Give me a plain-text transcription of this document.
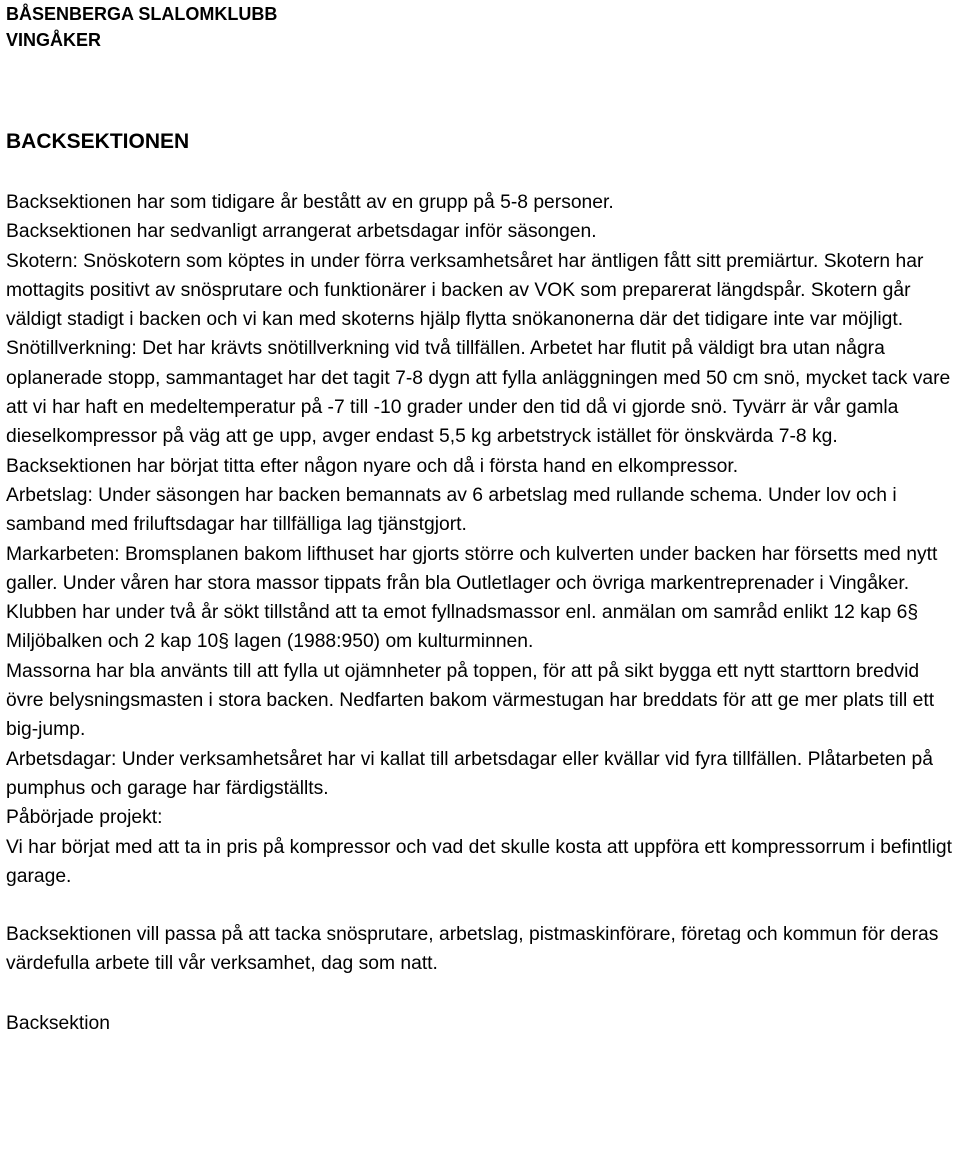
BÅSENBERGA SLALOMKLUBB
VINGÅKER
BACKSEKTIONEN

Backsektionen har som tidigare år bestått av en grupp på 5-8 personer.

Backsektionen har sedvanligt arrangerat arbetsdagar inför säsongen.

Skotern: Snöskotern som köptes in under förra verksamhetsåret har äntligen fått sitt premiärtur. Skotern har mottagits positivt av snösprutare och funktionärer i backen av VOK som preparerat längdspår. Skotern går väldigt stadigt i backen och vi kan med skoterns hjälp flytta snökanonerna där det tidigare inte var möjligt.

Snötillverkning: Det har krävts snötillverkning vid två tillfällen. Arbetet har flutit på väldigt bra utan några oplanerade stopp, sammantaget har det tagit 7-8 dygn att fylla anläggningen med 50 cm snö, mycket tack vare att vi har haft en medeltemperatur på -7 till -10 grader under den tid då vi gjorde snö. Tyvärr är vår gamla dieselkompressor på väg att ge upp, avger endast 5,5 kg arbetstryck istället för önskvärda 7-8 kg. Backsektionen har börjat titta efter någon nyare och då i första hand en elkompressor.

Arbetslag: Under säsongen har backen bemannats av 6 arbetslag med rullande schema. Under lov och i samband med friluftsdagar har tillfälliga lag tjänstgjort.

Markarbeten: Bromsplanen bakom lifthuset har gjorts större och kulverten under backen har försetts med nytt galler. Under våren har stora massor tippats från bla Outletlager och övriga markentreprenader i Vingåker. Klubben har under två år sökt tillstånd att ta emot fyllnadsmassor enl. anmälan om samråd enlikt 12 kap 6§ Miljöbalken och 2 kap 10§ lagen (1988:950) om kulturminnen.

Massorna har bla använts till att fylla ut ojämnheter på toppen, för att på sikt bygga ett nytt starttorn bredvid övre belysningsmasten i stora backen. Nedfarten bakom värmestugan har breddats för att ge mer plats till ett big-jump.

Arbetsdagar: Under verksamhetsåret har vi kallat till arbetsdagar eller kvällar vid fyra tillfällen. Plåtarbeten på pumphus och garage har färdigställts.

Påbörjade projekt:

Vi har börjat med att ta in pris på kompressor och vad det skulle kosta att uppföra ett kompressorrum i befintligt garage.

Backsektionen vill passa på att tacka snösprutare, arbetslag, pistmaskinförare, företag och kommun för deras värdefulla arbete till vår verksamhet, dag som natt.

Backsektion
